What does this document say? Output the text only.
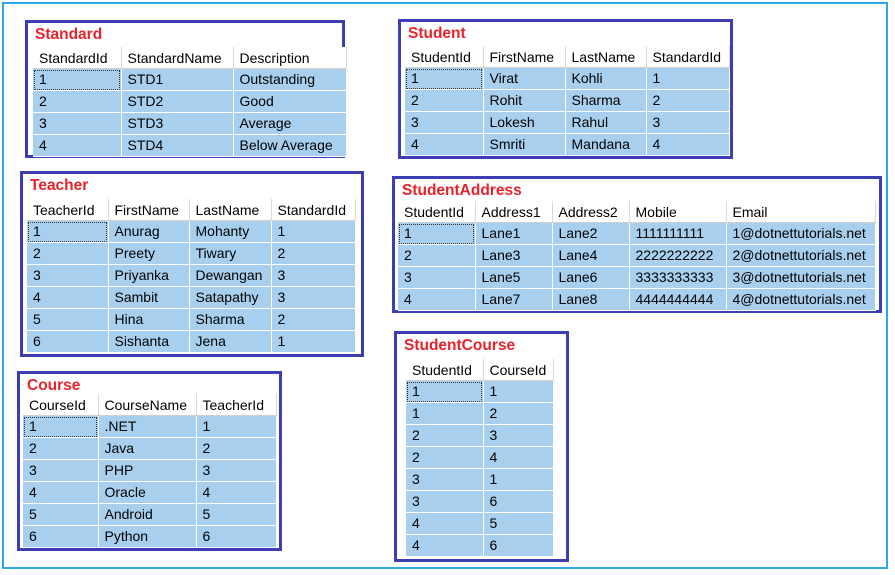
Standard
StandardId	StandardName	Description
1	STD1	Outstanding
2	STD2	Good
3	STD3	Average
4	STD4	Below Average
Student
StudentId	FirstName	LastName	StandardId
1	Virat	Kohli	1
2	Rohit	Sharma	2
3	Lokesh	Rahul	3
4	Smriti	Mandana	4
Teacher
TeacherId	FirstName	LastName	StandardId
1	Anurag	Mohanty	1
2	Preety	Tiwary	2
3	Priyanka	Dewangan	3
4	Sambit	Satapathy	3
5	Hina	Sharma	2
6	Sishanta	Jena	1
StudentAddress
StudentId	Address1	Address2	Mobile	Email
1	Lane1	Lane2	1111111111	1@dotnettutorials.net
2	Lane3	Lane4	2222222222	2@dotnettutorials.net
3	Lane5	Lane6	3333333333	3@dotnettutorials.net
4	Lane7	Lane8	4444444444	4@dotnettutorials.net
Course
CourseId	CourseName	TeacherId
1	.NET	1
2	Java	2
3	PHP	3
4	Oracle	4
5	Android	5
6	Python	6
StudentCourse
StudentId	CourseId
1	1
1	2
2	3
2	4
3	1
3	6
4	5
4	6
